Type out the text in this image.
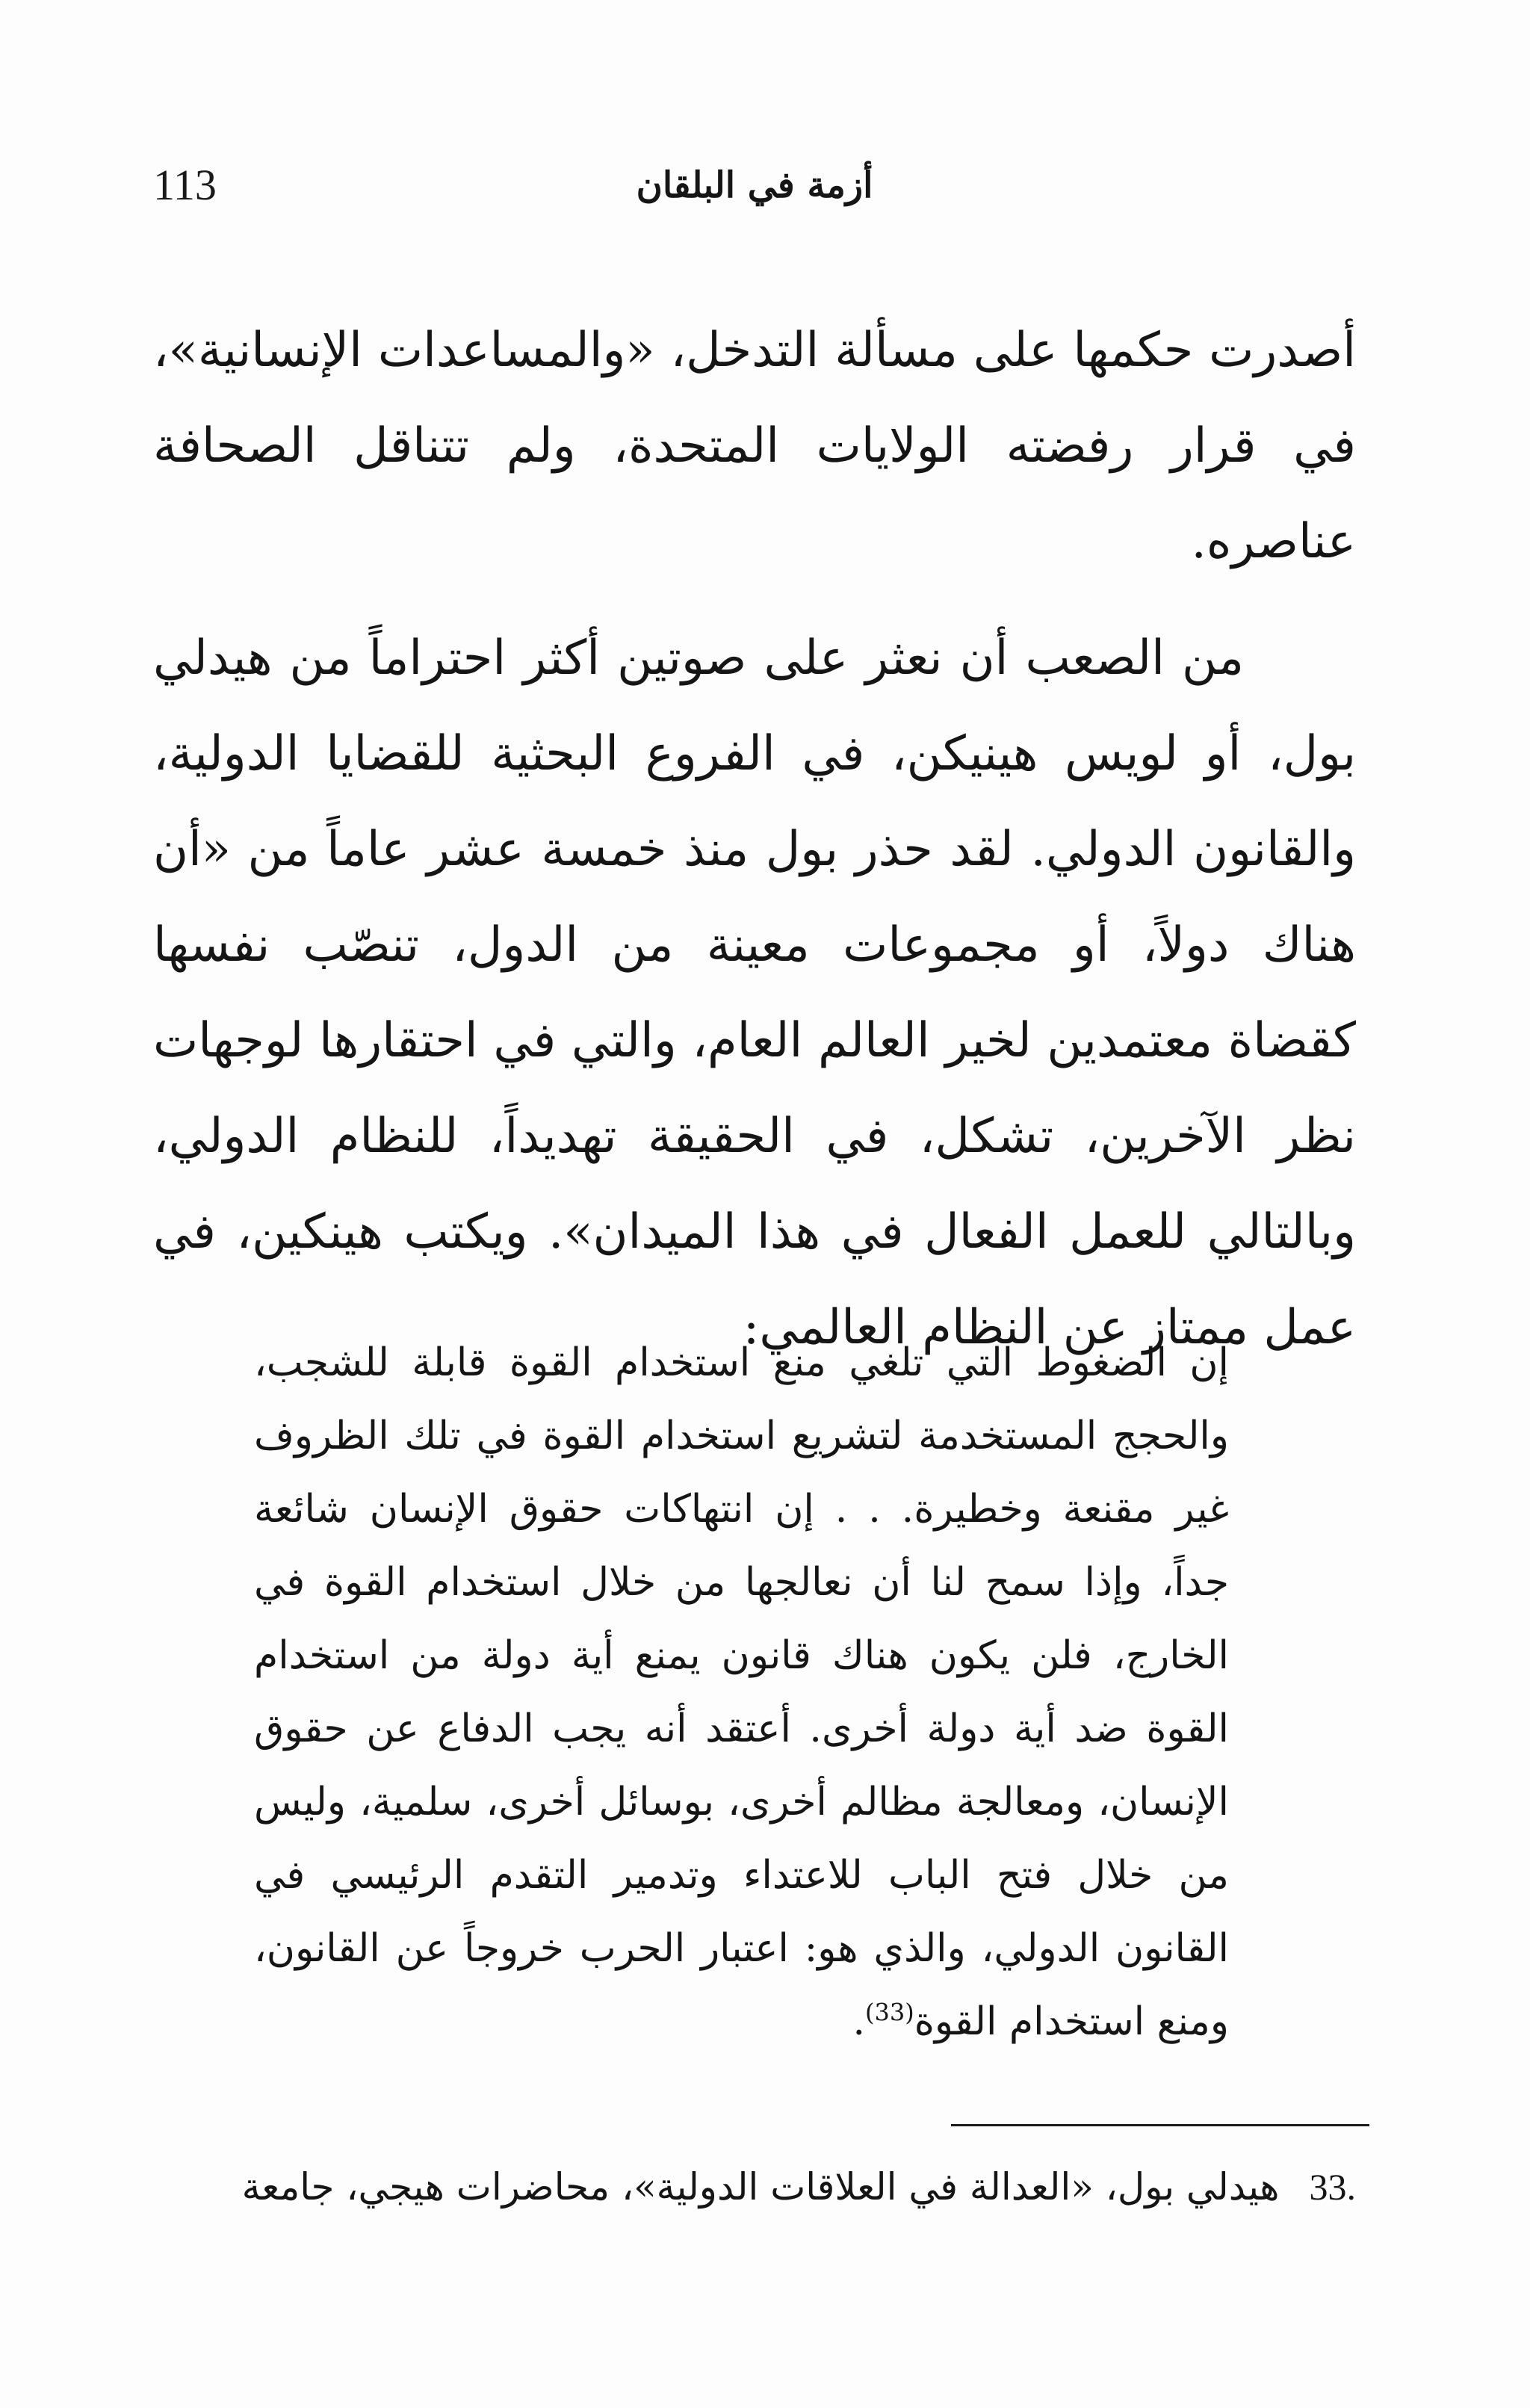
أزمة في البلقان
113

أصدرت حكمها على مسألة التدخل، «والمساعدات الإنسانية»، في قرار رفضته الولايات المتحدة، ولم تتناقل الصحافة عناصره.

من الصعب أن نعثر على صوتين أكثر احتراماً من هيدلي بول، أو لويس هينيكن، في الفروع البحثية للقضايا الدولية، والقانون الدولي. لقد حذر بول منذ خمسة عشر عاماً من «أن هناك دولاً، أو مجموعات معينة من الدول، تنصّب نفسها كقضاة معتمدين لخير العالم العام، والتي في احتقارها لوجهات نظر الآخرين، تشكل، في الحقيقة تهديداً، للنظام الدولي، وبالتالي للعمل الفعال في هذا الميدان». ويكتب هينكين، في عمل ممتاز عن النظام العالمي:

إن الضغوط التي تلغي منع استخدام القوة قابلة للشجب، والحجج المستخدمة لتشريع استخدام القوة في تلك الظروف غير مقنعة وخطيرة. . . إن انتهاكات حقوق الإنسان شائعة جداً، وإذا سمح لنا أن نعالجها من خلال استخدام القوة في الخارج، فلن يكون هناك قانون يمنع أية دولة من استخدام القوة ضد أية دولة أخرى. أعتقد أنه يجب الدفاع عن حقوق الإنسان، ومعالجة مظالم أخرى، بوسائل أخرى، سلمية، وليس من خلال فتح الباب للاعتداء وتدمير التقدم الرئيسي في القانون الدولي، والذي هو: اعتبار الحرب خروجاً عن القانون، ومنع استخدام القوة$^{(33)}$.

33.هيدلي بول، «العدالة في العلاقات الدولية»، محاضرات هيجي، جامعة
